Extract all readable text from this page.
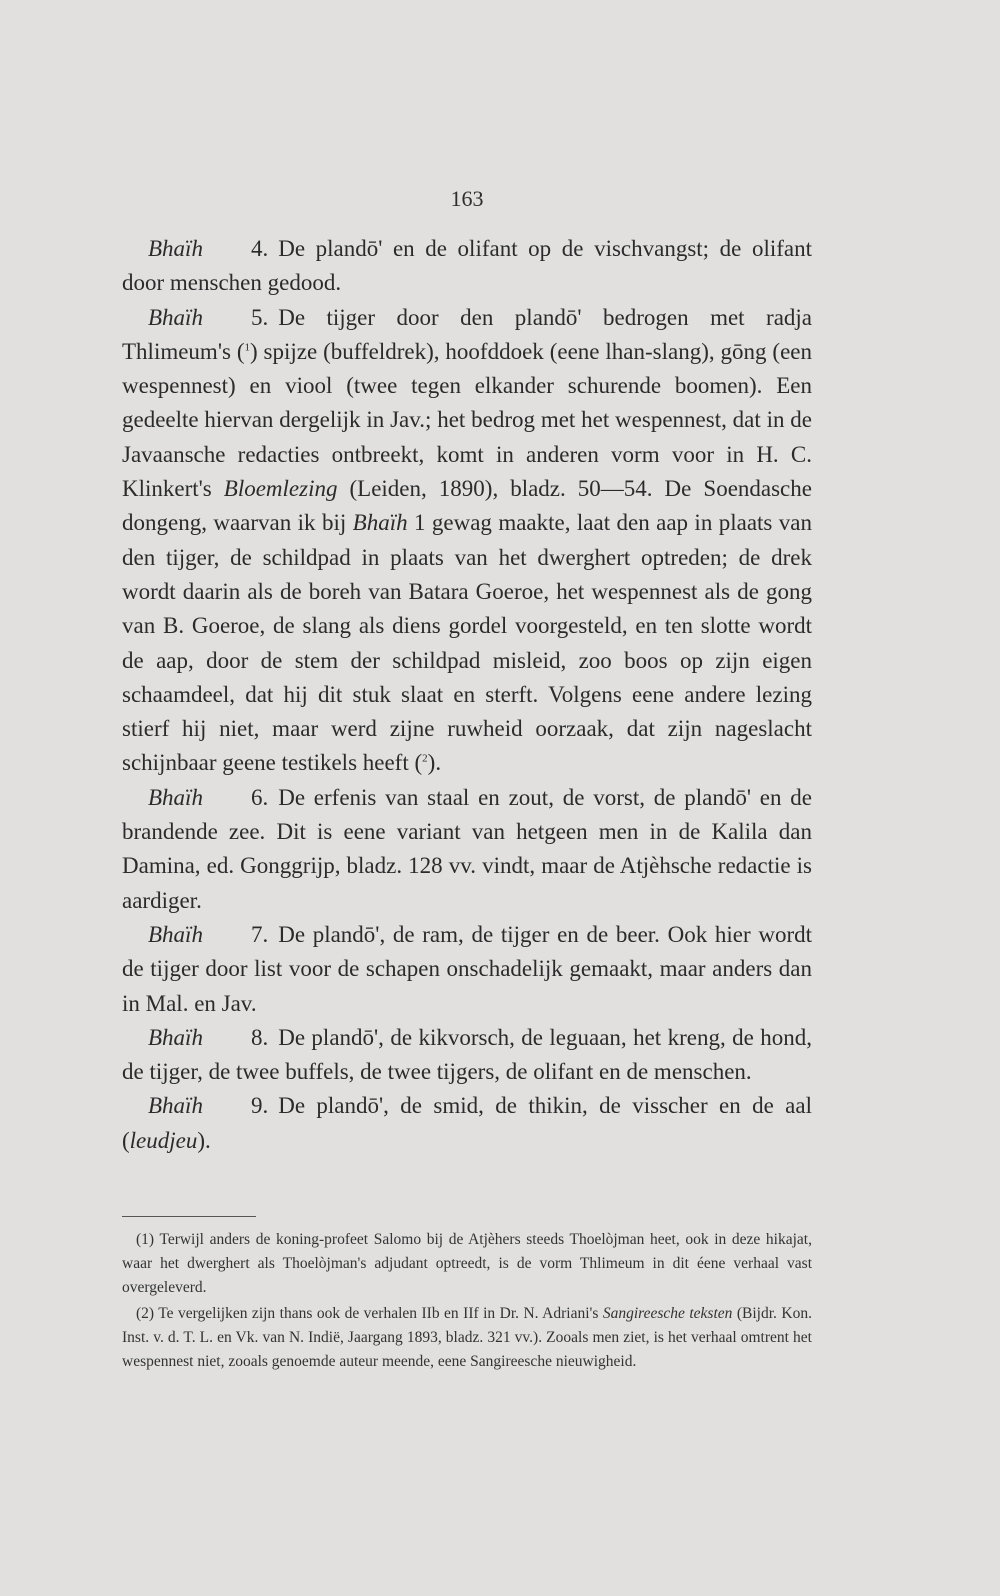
163

Bhaïh 4. De plandō' en de olifant op de vischvangst; de olifant door menschen gedood.

Bhaïh 5. De tijger door den plandō' bedrogen met radja Thlimeum's ($^1$) spijze (buffeldrek), hoofddoek (eene lhan-slang), gōng (een wespennest) en viool (twee tegen elkander schurende boomen). Een gedeelte hiervan dergelijk in Jav.; het bedrog met het wespennest, dat in de Javaansche redacties ontbreekt, komt in anderen vorm voor in H. C. Klinkert's Bloemlezing (Leiden, 1890), bladz. 50—54. De Soendasche dongeng, waarvan ik bij Bhaïh 1 gewag maakte, laat den aap in plaats van den tijger, de schildpad in plaats van het dwerghert optreden; de drek wordt daarin als de boreh van Batara Goeroe, het wespennest als de gong van B. Goeroe, de slang als diens gordel voorgesteld, en ten slotte wordt de aap, door de stem der schildpad misleid, zoo boos op zijn eigen schaamdeel, dat hij dit stuk slaat en sterft. Volgens eene andere lezing stierf hij niet, maar werd zijne ruwheid oorzaak, dat zijn nageslacht schijnbaar geene testikels heeft ($^2$).

Bhaïh 6. De erfenis van staal en zout, de vorst, de plandō' en de brandende zee. Dit is eene variant van hetgeen men in de Kalila dan Damina, ed. Gonggrijp, bladz. 128 vv. vindt, maar de Atjèhsche redactie is aardiger.

Bhaïh 7. De plandō', de ram, de tijger en de beer. Ook hier wordt de tijger door list voor de schapen onschadelijk gemaakt, maar anders dan in Mal. en Jav.

Bhaïh 8. De plandō', de kikvorsch, de leguaan, het kreng, de hond, de tijger, de twee buffels, de twee tijgers, de olifant en de menschen.

Bhaïh 9. De plandō', de smid, de thikin, de visscher en de aal (leudjeu).

(1) Terwijl anders de koning-profeet Salomo bij de Atjèhers steeds Thoelòjman heet, ook in deze hikajat, waar het dwerghert als Thoelòjman's adjudant optreedt, is de vorm Thlimeum in dit éene verhaal vast overgeleverd.

(2) Te vergelijken zijn thans ook de verhalen IIb en IIf in Dr. N. Adriani's Sangireesche teksten (Bijdr. Kon. Inst. v. d. T. L. en Vk. van N. Indië, Jaargang 1893, bladz. 321 vv.). Zooals men ziet, is het verhaal omtrent het wespennest niet, zooals genoemde auteur meende, eene Sangireesche nieuwigheid.
